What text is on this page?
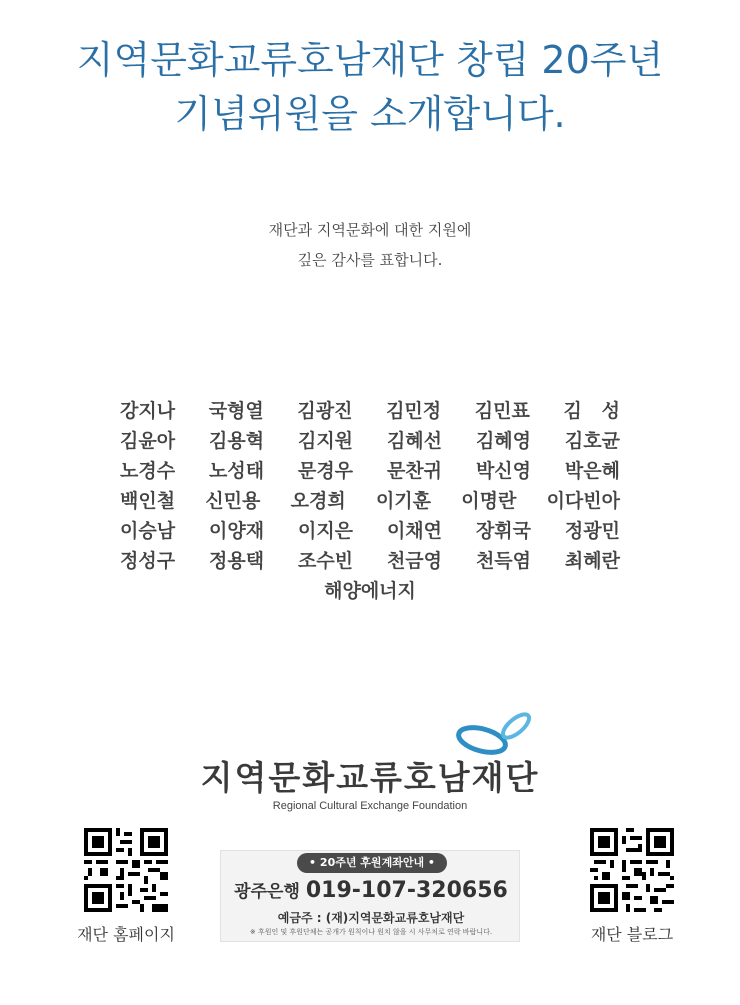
지역문화교류호남재단 창립 20주년
기념위원을 소개합니다.
재단과 지역문화에 대한 지원에
깊은 감사를 표합니다.
강지나 국형열 김광진 김민정 김민표 김   성
김윤아 김용혁 김지원 김혜선 김혜영 김호균
노경수 노성태 문경우 문찬귀 박신영 박은혜
백인철 신민용 오경희 이기훈 이명란 이다빈아
이승남 이양재 이지은 이채연 장휘국 정광민
정성구 정용택 조수빈 천금영 천득염 최혜란
해양에너지
지역문화교류호남재단
Regional Cultural Exchange Foundation
재단 홈페이지
• 20주년 후원계좌안내 •
광주은행 019-107-320656
예금주 : (재)지역문화교류호남재단
※ 후원인 및 후원단체는 공개가 원칙이나 원치 않을 시 사무처로 연락 바랍니다.	재단 블로그
